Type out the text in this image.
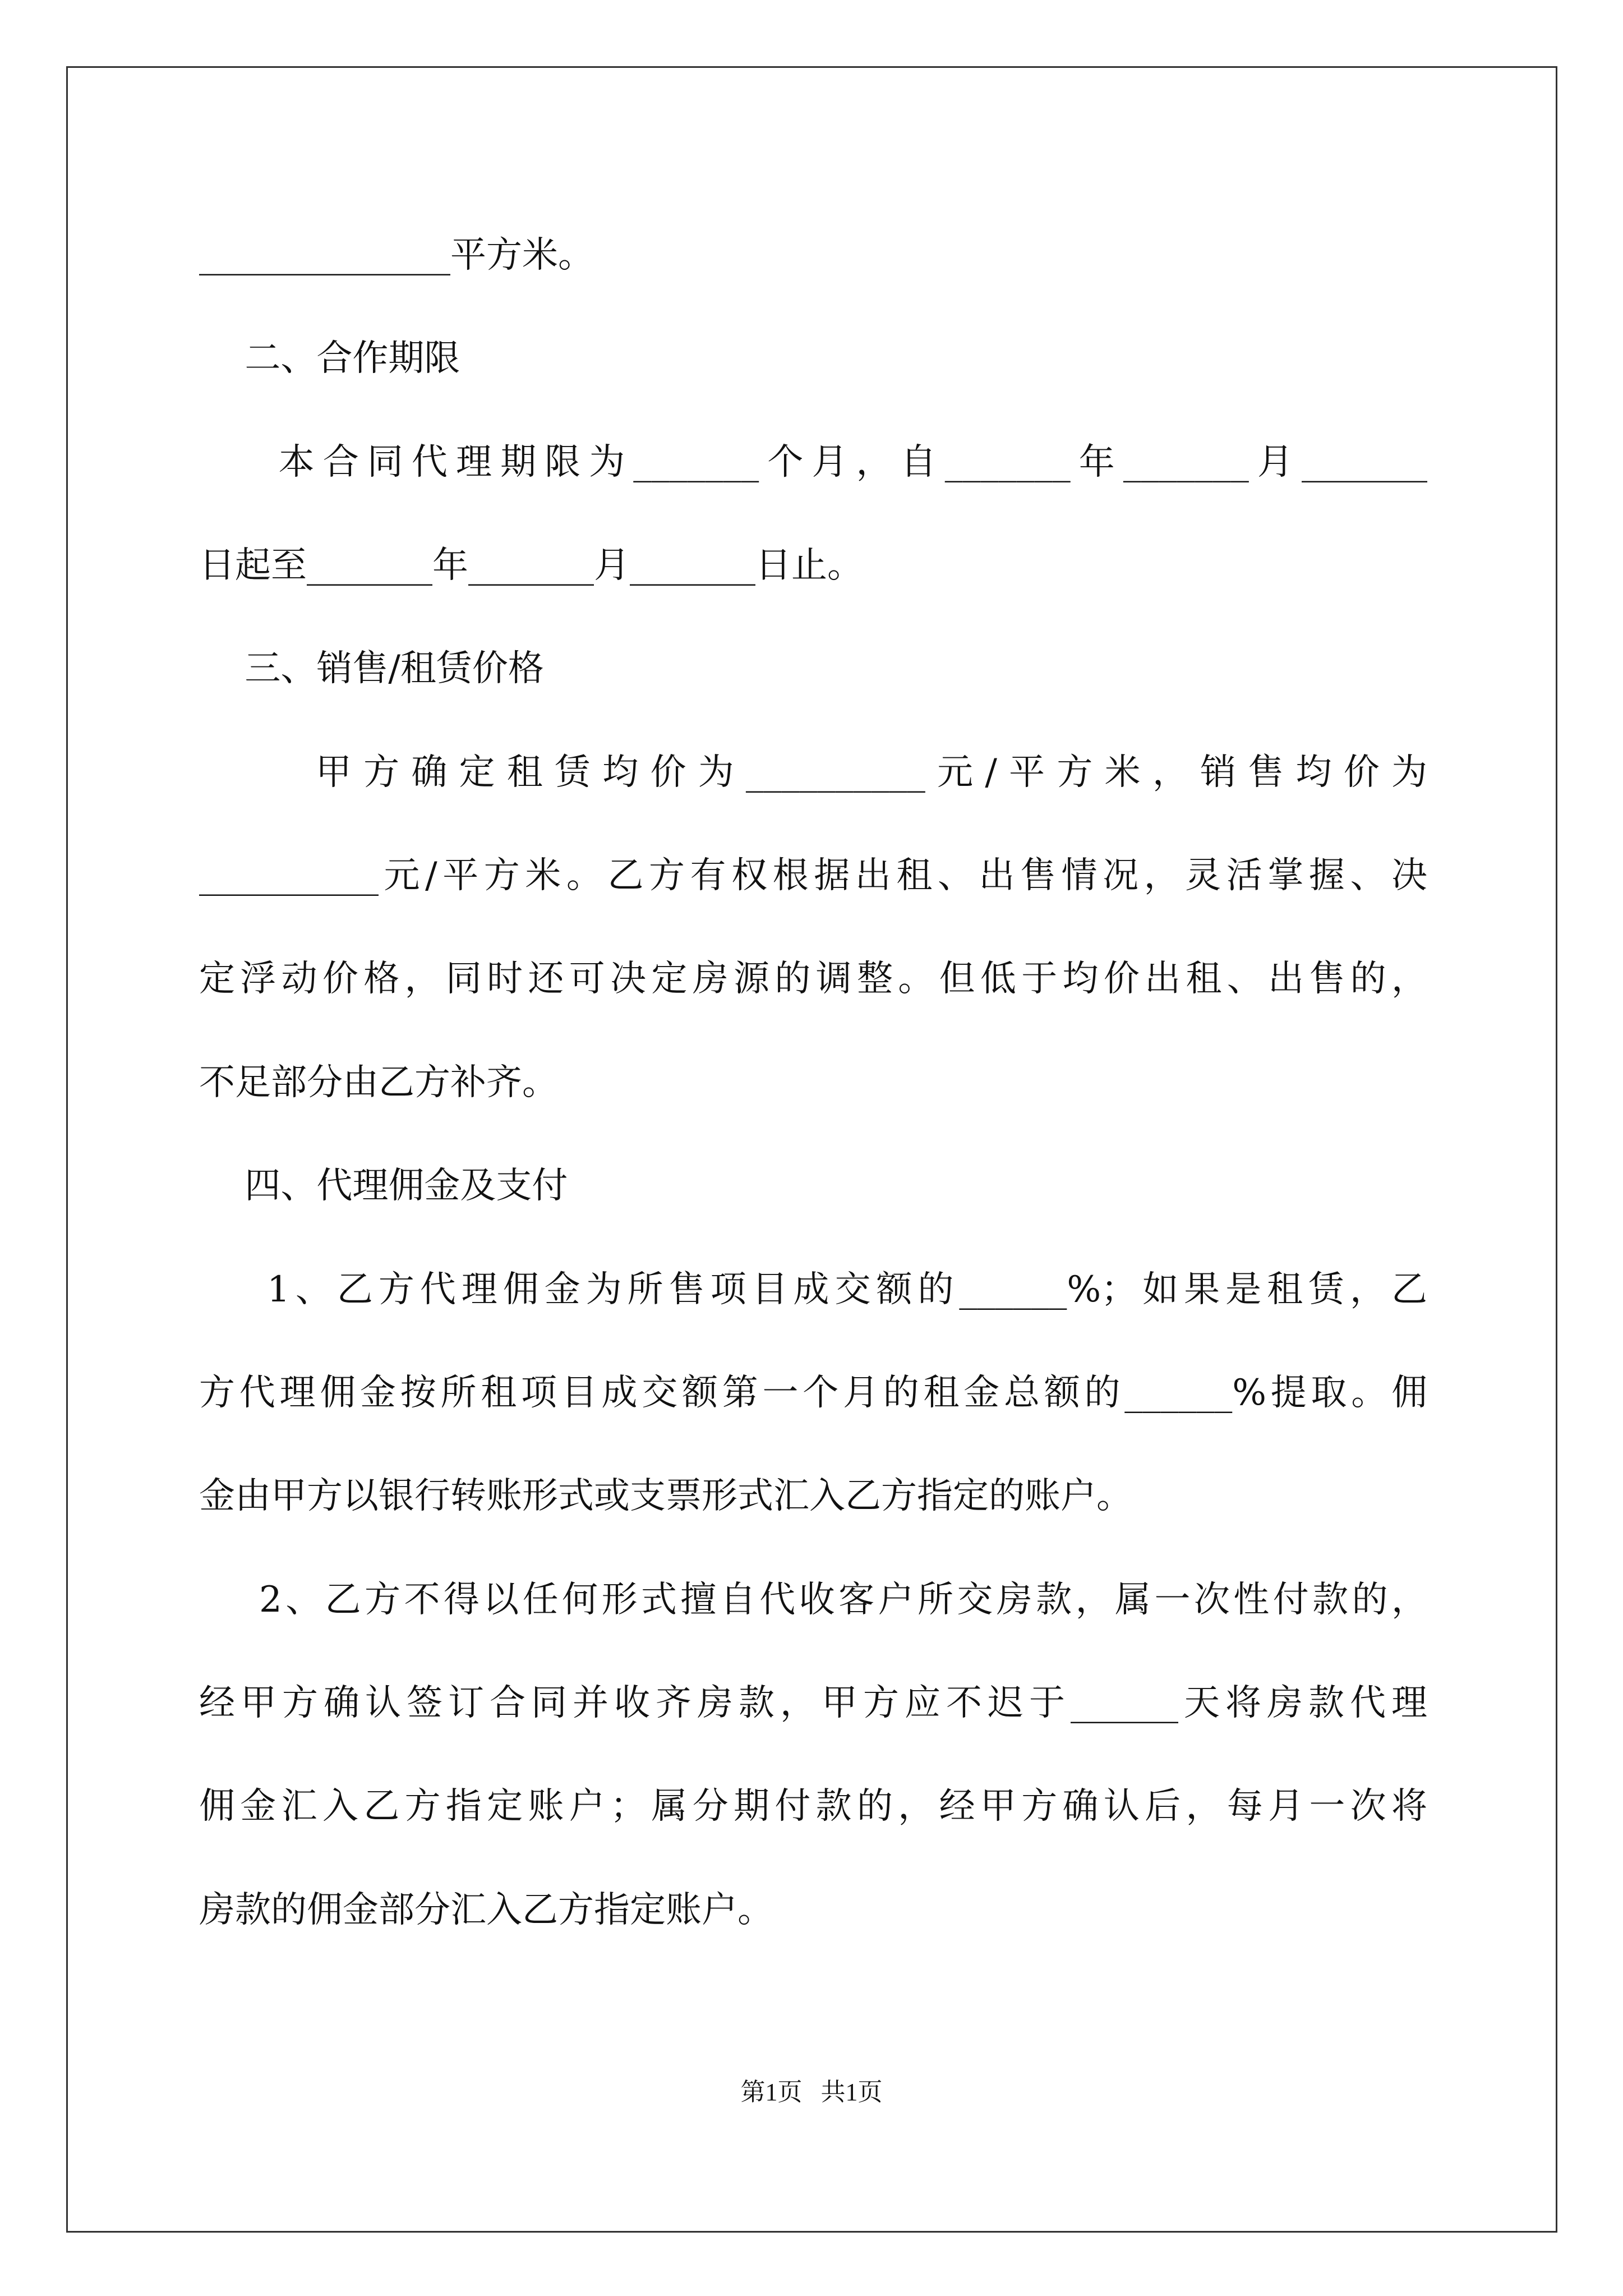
______________平方米。
二、合作期限
本合同代理期限为_______个月，自_______年_______月_______
日起至_______年_______月_______日止。
三、销售/租赁价格
甲方确定租赁均价为__________元/平方米，销售均价为
__________元/平方米。乙方有权根据出租、出售情况，灵活掌握、决
定浮动价格，同时还可决定房源的调整。但低于均价出租、出售的，
不足部分由乙方补齐。
四、代理佣金及支付
1、乙方代理佣金为所售项目成交额的______%；如果是租赁，乙
方代理佣金按所租项目成交额第一个月的租金总额的______%提取。佣
金由甲方以银行转账形式或支票形式汇入乙方指定的账户。
2、乙方不得以任何形式擅自代收客户所交房款，属一次性付款的，
经甲方确认签订合同并收齐房款，甲方应不迟于______天将房款代理
佣金汇入乙方指定账户；属分期付款的，经甲方确认后，每月一次将
房款的佣金部分汇入乙方指定账户。
第1页   共1页
